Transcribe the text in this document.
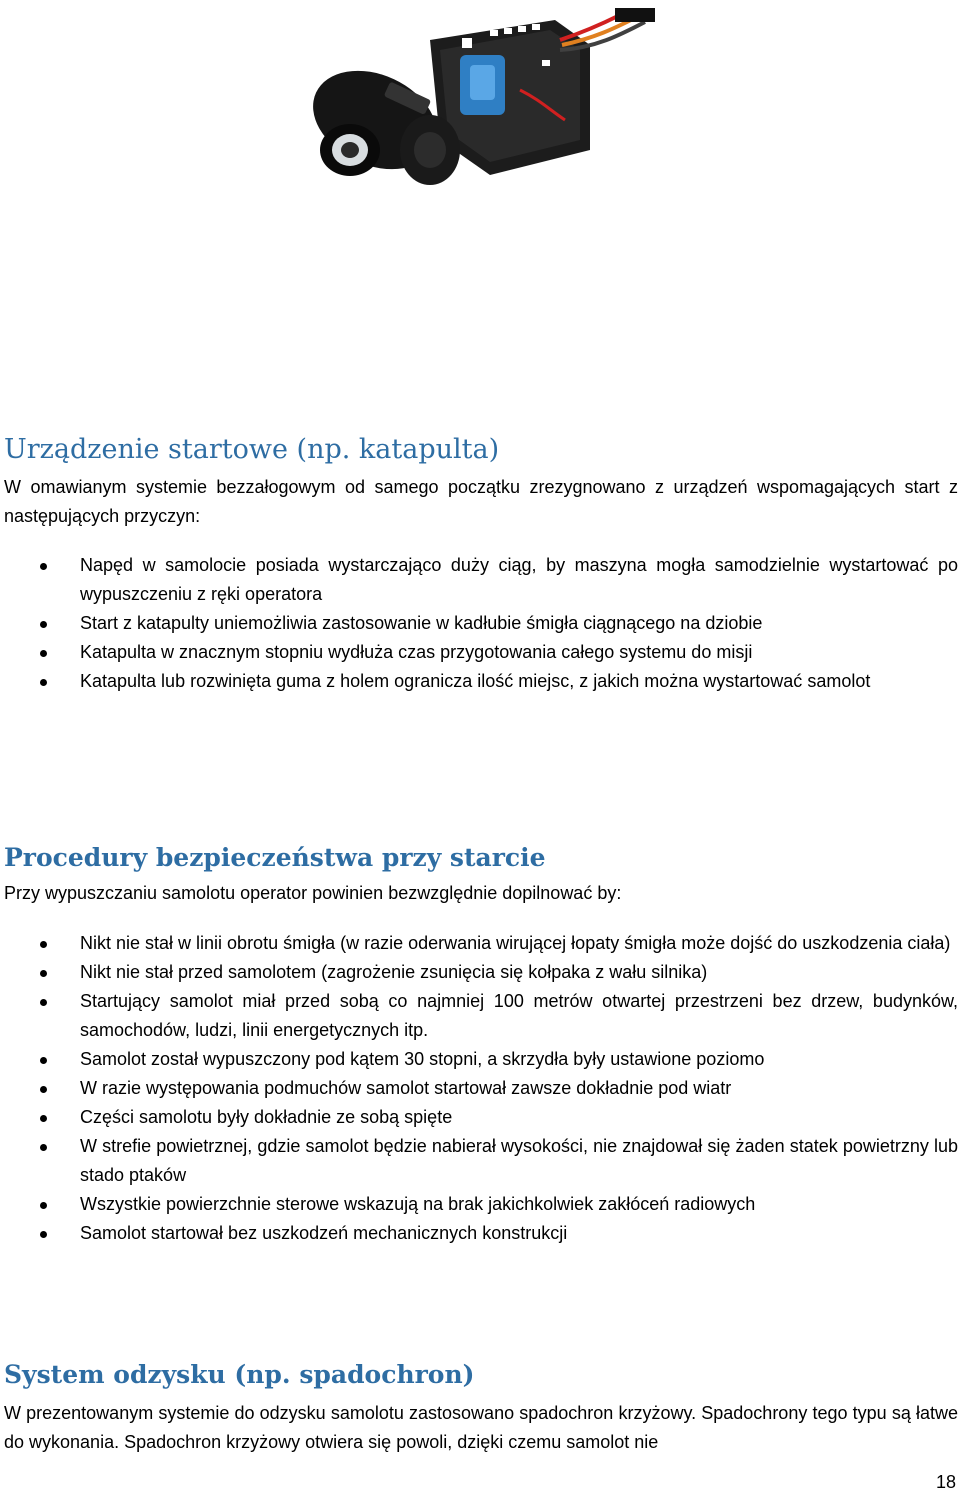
Urządzenie startowe (np. katapulta)

W omawianym systemie bezzałogowym od samego początku zrezygnowano z urządzeń wspomagających start z następujących przyczyn:

Napęd w samolocie posiada wystarczająco duży ciąg, by maszyna mogła samodzielnie wystartować po wypuszczeniu z ręki operatora
Start z katapulty uniemożliwia zastosowanie w kadłubie śmigła ciągnącego na dziobie
Katapulta w znacznym stopniu wydłuża czas przygotowania całego systemu do misji
Katapulta lub rozwinięta guma z holem ogranicza ilość miejsc, z jakich można wystartować samolot
Procedury bezpieczeństwa przy starcie

Przy wypuszczaniu samolotu operator powinien bezwzględnie dopilnować by:

Nikt nie stał w linii obrotu śmigła (w razie oderwania wirującej łopaty śmigła może dojść do uszkodzenia ciała)
Nikt nie stał przed samolotem (zagrożenie zsunięcia się kołpaka z wału silnika)
Startujący samolot miał przed sobą co najmniej 100 metrów otwartej przestrzeni bez drzew, budynków, samochodów, ludzi, linii energetycznych itp.
Samolot został wypuszczony pod kątem 30 stopni, a skrzydła były ustawione poziomo
W razie występowania podmuchów samolot startował zawsze dokładnie pod wiatr
Części samolotu były dokładnie ze sobą spięte
W strefie powietrznej, gdzie samolot będzie nabierał wysokości, nie znajdował się żaden statek powietrzny lub stado ptaków
Wszystkie powierzchnie sterowe wskazują na brak jakichkolwiek zakłóceń radiowych
Samolot startował bez uszkodzeń mechanicznych konstrukcji
System odzysku (np. spadochron)

W prezentowanym systemie do odzysku samolotu zastosowano spadochron krzyżowy. Spadochrony tego typu są łatwe do wykonania. Spadochron krzyżowy otwiera się powoli, dzięki czemu samolot nie

18
